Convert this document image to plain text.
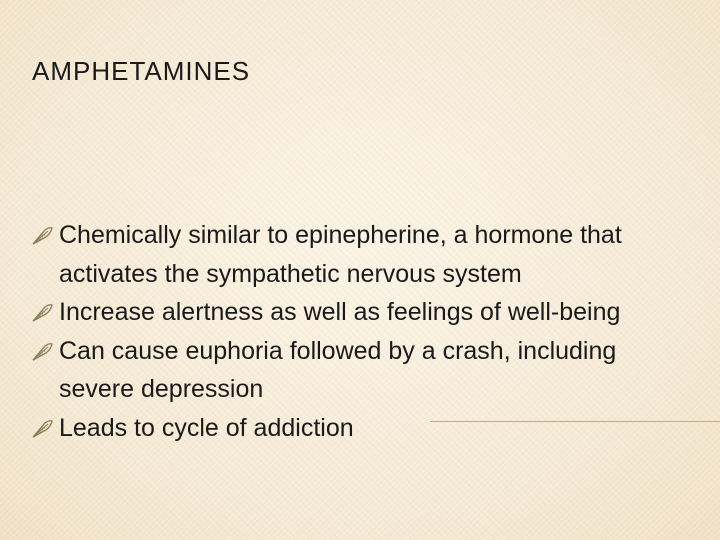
AMPHETAMINES
Chemically similar to epinepherine, a hormone that activates the sympathetic nervous system
Increase alertness as well as feelings of well-being
Can cause euphoria followed by a crash, including severe depression
Leads to cycle of addiction
